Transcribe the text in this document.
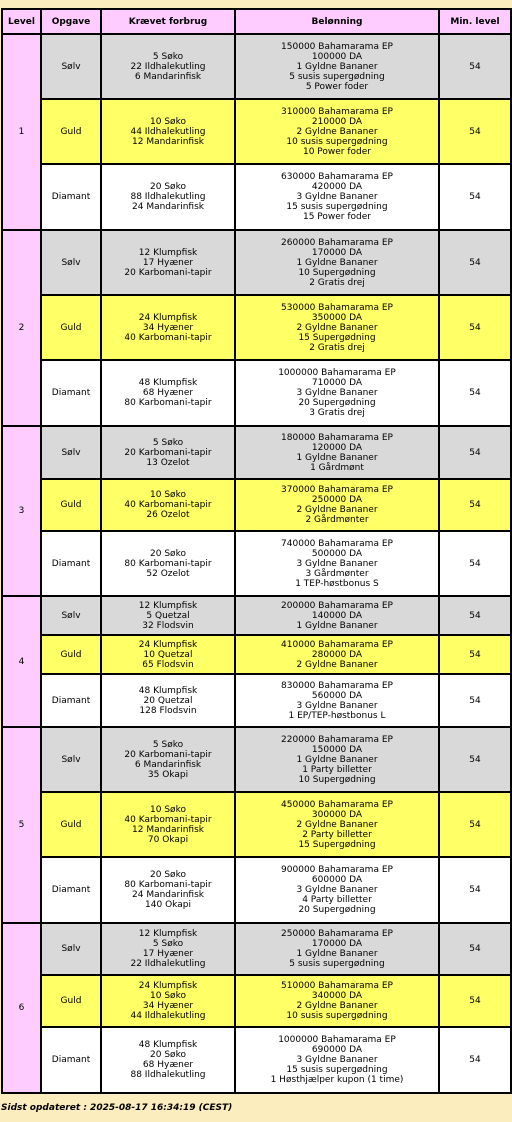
Level	Opgave	Krævet forbrug	Belønning	Min. level
1	Sølv	5 Søko
22 Ildhalekutling
6 Mandarinfisk	150000 Bahamarama EP
100000 DA
1 Gyldne Bananer
5 susis supergødning
5 Power foder	54
	Guld	10 Søko
44 Ildhalekutling
12 Mandarinfisk	310000 Bahamarama EP
210000 DA
2 Gyldne Bananer
10 susis supergødning
10 Power foder	54
	Diamant	20 Søko
88 Ildhalekutling
24 Mandarinfisk	630000 Bahamarama EP
420000 DA
3 Gyldne Bananer
15 susis supergødning
15 Power foder	54
2	Sølv	12 Klumpfisk
17 Hyæner
20 Karbomani-tapir	260000 Bahamarama EP
170000 DA
1 Gyldne Bananer
10 Supergødning
2 Gratis drej	54
	Guld	24 Klumpfisk
34 Hyæner
40 Karbomani-tapir	530000 Bahamarama EP
350000 DA
2 Gyldne Bananer
15 Supergødning
2 Gratis drej	54
	Diamant	48 Klumpfisk
68 Hyæner
80 Karbomani-tapir	1000000 Bahamarama EP
710000 DA
3 Gyldne Bananer
20 Supergødning
3 Gratis drej	54
3	Sølv	5 Søko
20 Karbomani-tapir
13 Ozelot	180000 Bahamarama EP
120000 DA
1 Gyldne Bananer
1 Gårdmønt	54
	Guld	10 Søko
40 Karbomani-tapir
26 Ozelot	370000 Bahamarama EP
250000 DA
2 Gyldne Bananer
2 Gårdmønter	54
	Diamant	20 Søko
80 Karbomani-tapir
52 Ozelot	740000 Bahamarama EP
500000 DA
3 Gyldne Bananer
3 Gårdmønter
1 TEP-høstbonus S	54
4	Sølv	12 Klumpfisk
5 Quetzal
32 Flodsvin	200000 Bahamarama EP
140000 DA
1 Gyldne Bananer	54
	Guld	24 Klumpfisk
10 Quetzal
65 Flodsvin	410000 Bahamarama EP
280000 DA
2 Gyldne Bananer	54
	Diamant	48 Klumpfisk
20 Quetzal
128 Flodsvin	830000 Bahamarama EP
560000 DA
3 Gyldne Bananer
1 EP/TEP-høstbonus L	54
5	Sølv	5 Søko
20 Karbomani-tapir
6 Mandarinfisk
35 Okapi	220000 Bahamarama EP
150000 DA
1 Gyldne Bananer
1 Party billetter
10 Supergødning	54
	Guld	10 Søko
40 Karbomani-tapir
12 Mandarinfisk
70 Okapi	450000 Bahamarama EP
300000 DA
2 Gyldne Bananer
2 Party billetter
15 Supergødning	54
	Diamant	20 Søko
80 Karbomani-tapir
24 Mandarinfisk
140 Okapi	900000 Bahamarama EP
600000 DA
3 Gyldne Bananer
4 Party billetter
20 Supergødning	54
6	Sølv	12 Klumpfisk
5 Søko
17 Hyæner
22 Ildhalekutling	250000 Bahamarama EP
170000 DA
1 Gyldne Bananer
5 susis supergødning	54
	Guld	24 Klumpfisk
10 Søko
34 Hyæner
44 Ildhalekutling	510000 Bahamarama EP
340000 DA
2 Gyldne Bananer
10 susis supergødning	54
	Diamant	48 Klumpfisk
20 Søko
68 Hyæner
88 Ildhalekutling	1000000 Bahamarama EP
690000 DA
3 Gyldne Bananer
15 susis supergødning
1 Høsthjælper kupon (1 time)	54
Sidst opdateret : 2025-08-17 16:34:19 (CEST)
